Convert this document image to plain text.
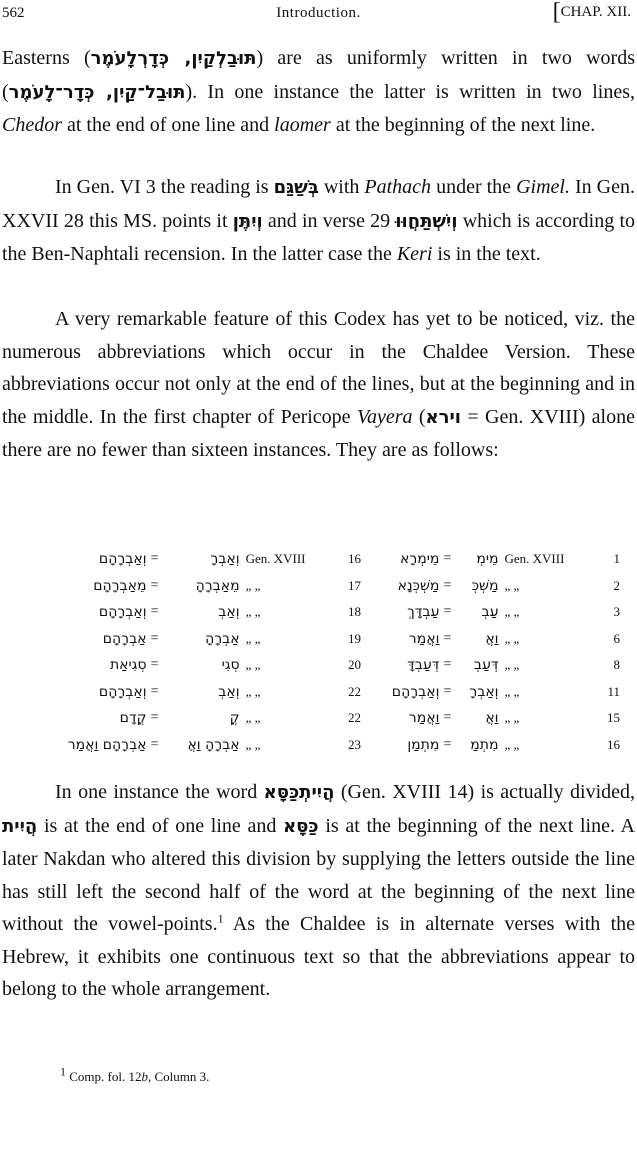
562	Introduction.	[CHAP. XII.

Easterns (תּוּבַלְקַיִן, כְּדָרְלָעֹמֶר) are as uniformly written in two words (תּוּבַל־קַיִן, כְּדָר־לָעֹמֶר). In one instance the latter is written in two lines, Chedor at the end of one line and laomer at the beginning of the next line.

In Gen. VI 3 the reading is בְּשַׁגַּם with Pathach under the Gimel. In Gen. XXVII 28 this MS. points it וְיִתֶּן and in verse 29 וְיִשְׁתַּחֲוּוּ which is according to the Ben-Naphtali recension. In the latter case the Keri is in the text.

A very remarkable feature of this Codex has yet to be noticed, viz. the numerous abbreviations which occur in the Chaldee Version. These abbreviations occur not only at the end of the lines, but at the beginning and in the middle. In the first chapter of Pericope Vayera (וירא = Gen. XVIII) alone there are no fewer than sixteen instances. They are as follows:

וְאַבְרָהָם	=	וְאַבְרָ	Gen. XVIII	16	מֵימְרָא	=	מֵימְ	Gen. XVIII	1
מֵאַבְרָהָם	=	מֵאַבְרָהָ	„ „	17	מַשְׁכְּנָא	=	מַשְׁכְּ	„ „	2
וְאַבְרָהָם	=	וְאַבְ	„ „	18	עַבְדָּךְ	=	עַבְ	„ „	3
אַבְרָהָם	=	אַבְרָהָ	„ „	19	וַאֲמַר	=	וַאֲ	„ „	6
סְגִיאַת	=	סְגִי	„ „	20	דְּעַבְדָּ	=	דְּעַבְ	„ „	8
וְאַבְרָהָם	=	וְאַבְ	„ „	22	וְאַבְרָהָם	=	וְאַבְרָ	„ „	11
קֳדָם	=	קֳ	„ „	22	וַאֲמַר	=	וַאֲ	„ „	15
אַבְרָהָם וַאֲמַר	=	אַבְרָהָ וַאֲ	„ „	23	מִתְמַן	=	מִתְמַ	„ „	16

In one instance the word הֲיִיתְכַּסָּא (Gen. XVIII 14) is actually divided, הֲיִית is at the end of one line and כַּסָּא is at the beginning of the next line. A later Nakdan who altered this division by supplying the letters outside the line has still left the second half of the word at the beginning of the next line without the vowel-points.$^1$ As the Chaldee is in alternate verses with the Hebrew, it exhibits one continuous text so that the abbreviations appear to belong to the whole arrangement.

$^1$ Comp. fol. 12b, Column 3.
